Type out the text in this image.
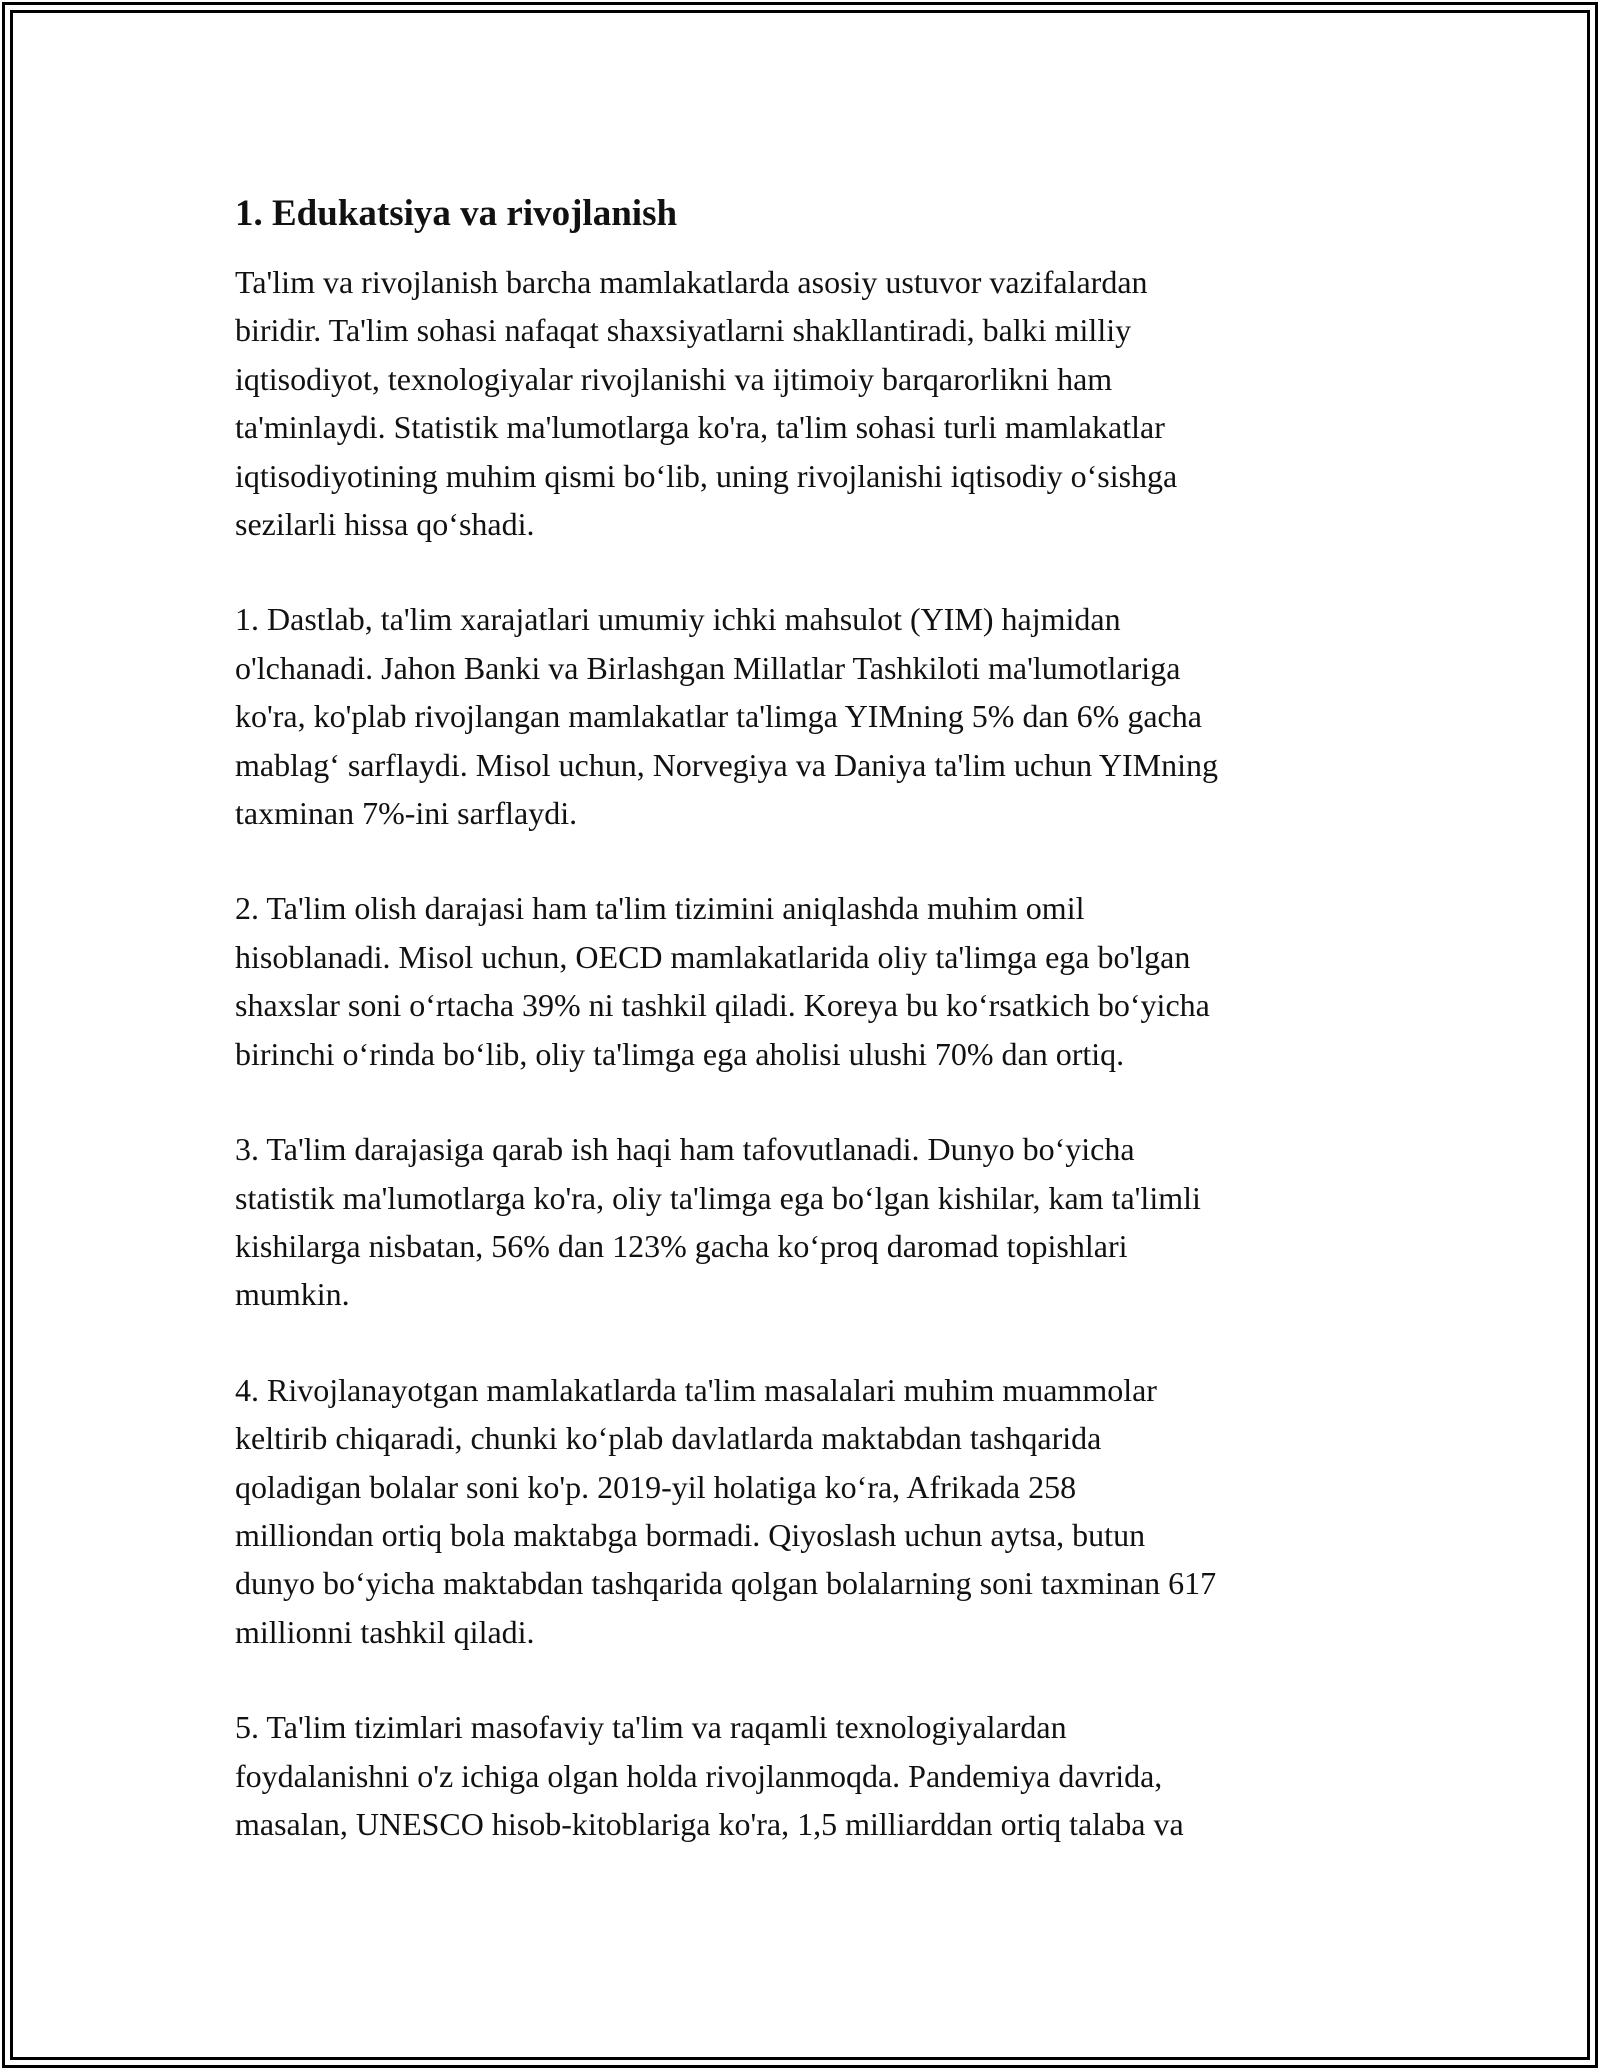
1. Edukatsiya va rivojlanish

Ta'lim va rivojlanish barcha mamlakatlarda asosiy ustuvor vazifalardan
biridir. Ta'lim sohasi nafaqat shaxsiyatlarni shakllantiradi, balki milliy
iqtisodiyot, texnologiyalar rivojlanishi va ijtimoiy barqarorlikni ham
ta'minlaydi. Statistik ma'lumotlarga ko'ra, ta'lim sohasi turli mamlakatlar
iqtisodiyotining muhim qismi boʻlib, uning rivojlanishi iqtisodiy oʻsishga
sezilarli hissa qoʻshadi.

1. Dastlab, ta'lim xarajatlari umumiy ichki mahsulot (YIM) hajmidan
o'lchanadi. Jahon Banki va Birlashgan Millatlar Tashkiloti ma'lumotlariga
ko'ra, ko'plab rivojlangan mamlakatlar ta'limga YIMning 5% dan 6% gacha
mablagʻ sarflaydi. Misol uchun, Norvegiya va Daniya ta'lim uchun YIMning
taxminan 7%-ini sarflaydi.

2. Ta'lim olish darajasi ham ta'lim tizimini aniqlashda muhim omil
hisoblanadi. Misol uchun, OECD mamlakatlarida oliy ta'limga ega bo'lgan
shaxslar soni oʻrtacha 39% ni tashkil qiladi. Koreya bu koʻrsatkich boʻyicha
birinchi oʻrinda boʻlib, oliy ta'limga ega aholisi ulushi 70% dan ortiq.

3. Ta'lim darajasiga qarab ish haqi ham tafovutlanadi. Dunyo boʻyicha
statistik ma'lumotlarga ko'ra, oliy ta'limga ega boʻlgan kishilar, kam ta'limli
kishilarga nisbatan, 56% dan 123% gacha koʻproq daromad topishlari
mumkin.

4. Rivojlanayotgan mamlakatlarda ta'lim masalalari muhim muammolar
keltirib chiqaradi, chunki koʻplab davlatlarda maktabdan tashqarida
qoladigan bolalar soni ko'p. 2019-yil holatiga koʻra, Afrikada 258
milliondan ortiq bola maktabga bormadi. Qiyoslash uchun aytsa, butun
dunyo boʻyicha maktabdan tashqarida qolgan bolalarning soni taxminan 617
millionni tashkil qiladi.

5. Ta'lim tizimlari masofaviy ta'lim va raqamli texnologiyalardan
foydalanishni o'z ichiga olgan holda rivojlanmoqda. Pandemiya davrida,
masalan, UNESCO hisob-kitoblariga ko'ra, 1,5 milliarddan ortiq talaba va
